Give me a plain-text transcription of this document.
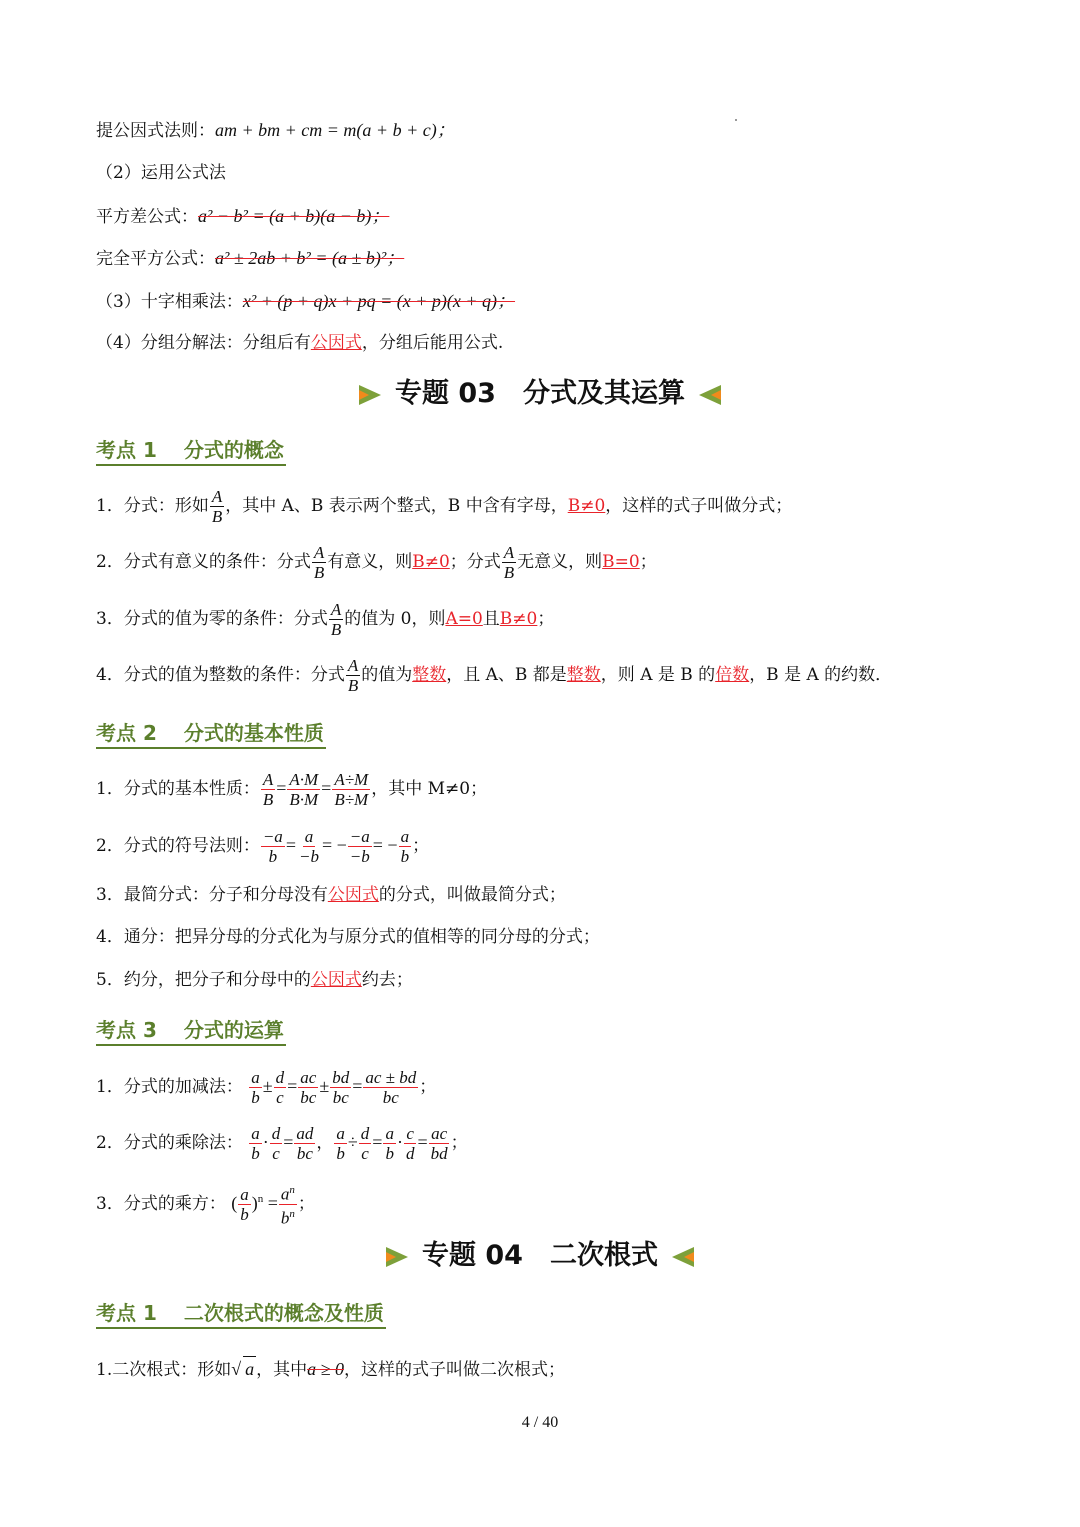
提公因式法则：am + bm + cm = m(a + b + c)；
（2）运用公式法
平方差公式：a² − b² = (a + b)(a − b)；
完全平方公式：a² ± 2ab + b² = (a ± b)²；
（3）十字相乘法：x² + (p + q)x + pq = (x + p)(x + q)；
（4）分组分解法：分组后有公因式，分组后能用公式.
专题 03　分式及其运算
考点 1　 分式的概念
1．分式：形如 $\frac{A}{B}$ ，其中 A、B 表示两个整式，B 中含有字母，B≠0，这样的式子叫做分式；
2．分式有意义的条件：分式 $\frac{A}{B}$ 有意义，则B≠0；分式 $\frac{A}{B}$ 无意义，则B=0；
3．分式的值为零的条件：分式 $\frac{A}{B}$ 的值为 0，则A=0且B≠0；
4．分式的值为整数的条件：分式 $\frac{A}{B}$ 的值为整数，且 A、B 都是整数，则 A 是 B 的倍数，B 是 A 的约数．
考点 2　 分式的基本性质
1．分式的基本性质： $\frac{A}{B} = \frac{A\cdot M}{B\cdot M} = \frac{A\div M}{B\div M}$ ，其中 M≠0；
2．分式的符号法则： $\frac{-a}{b} = \frac{a}{-b}$ = − $\frac{-a}{-b}$ = − $\frac{a}{b}$ ；
3．最简分式：分子和分母没有公因式的分式，叫做最简分式；
4．通分：把异分母的分式化为与原分式的值相等的同分母的分式；
5．约分，把分子和分母中的公因式约去；
考点 3　 分式的运算
1．分式的加减法： $\frac{a}{b} \pm \frac{d}{c} = \frac{ac}{bc} \pm \frac{bd}{bc} = \frac{ac \pm bd}{bc}$ ；
2．分式的乘除法： $\frac{a}{b} \cdot \frac{d}{c} = \frac{ad}{bc}$ ， $\frac{a}{b} \div \frac{d}{c} = \frac{a}{b} \cdot \frac{c}{d} = \frac{ac}{bd}$ ；
3．分式的乘方： ( $\frac{a}{b} )^n = \frac{a^n}{b^n}$ ；
专题 04　二次根式
考点 1　 二次根式的概念及性质
1.二次根式：形如√ a ，其中a ≥ 0，这样的式子叫做二次根式；
4 / 40
